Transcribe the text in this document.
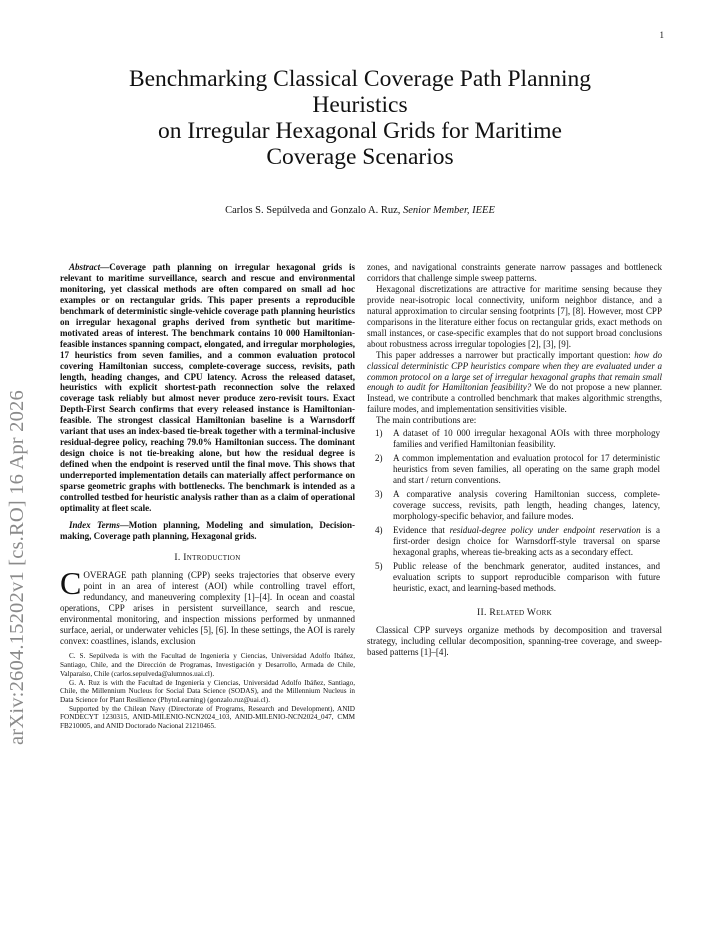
1
Benchmarking Classical Coverage Path Planning
Heuristics
on Irregular Hexagonal Grids for Maritime
Coverage Scenarios
Carlos S. Sepúlveda and Gonzalo A. Ruz, Senior Member, IEEE
arXiv:2604.15202v1 [cs.RO] 16 Apr 2026

Abstract—Coverage path planning on irregular hexagonal grids is relevant to maritime surveillance, search and rescue and environmental monitoring, yet classical methods are often compared on small ad hoc examples or on rectangular grids. This paper presents a reproducible benchmark of deterministic single-vehicle coverage path planning heuristics on irregular hexagonal graphs derived from synthetic but maritime-motivated areas of interest. The benchmark contains 10 000 Hamiltonian-feasible instances spanning compact, elongated, and irregular morphologies, 17 heuristics from seven families, and a common evaluation protocol covering Hamiltonian success, complete-coverage success, revisits, path length, heading changes, and CPU latency. Across the released dataset, heuristics with explicit shortest-path reconnection solve the relaxed coverage task reliably but almost never produce zero-revisit tours. Exact Depth-First Search confirms that every released instance is Hamiltonian-feasible. The strongest classical Hamiltonian baseline is a Warnsdorff variant that uses an index-based tie-break together with a terminal-inclusive residual-degree policy, reaching 79.0% Hamiltonian success. The dominant design choice is not tie-breaking alone, but how the residual degree is defined when the endpoint is reserved until the final move. This shows that underreported implementation details can materially affect performance on sparse geometric graphs with bottlenecks. The benchmark is intended as a controlled testbed for heuristic analysis rather than as a claim of operational optimality at fleet scale.

Index Terms—Motion planning, Modeling and simulation, Decision-making, Coverage path planning, Hexagonal grids.

I. Introduction

COVERAGE path planning (CPP) seeks trajectories that observe every point in an area of interest (AOI) while controlling travel effort, redundancy, and maneuvering complexity [1]–[4]. In ocean and coastal operations, CPP arises in persistent surveillance, search and rescue, environmental monitoring, and inspection missions performed by unmanned surface, aerial, or underwater vehicles [5], [6]. In these settings, the AOI is rarely convex: coastlines, islands, exclusion

C. S. Sepúlveda is with the Facultad de Ingeniería y Ciencias, Universidad Adolfo Ibáñez, Santiago, Chile, and the Dirección de Programas, Investigación y Desarrollo, Armada de Chile, Valparaíso, Chile (carlos.sepulveda@alumnos.uai.cl).

G. A. Ruz is with the Facultad de Ingeniería y Ciencias, Universidad Adolfo Ibáñez, Santiago, Chile, the Millennium Nucleus for Social Data Science (SODAS), and the Millennium Nucleus in Data Science for Plant Resilience (PhytoLearning) (gonzalo.ruz@uai.cl).

Supported by the Chilean Navy (Directorate of Programs, Research and Development), ANID FONDECYT 1230315, ANID-MILENIO-NCN2024_103, ANID-MILENIO-NCN2024_047, CMM FB210005, and ANID Doctorado Nacional 21210465.

zones, and navigational constraints generate narrow passages and bottleneck corridors that challenge simple sweep patterns.

Hexagonal discretizations are attractive for maritime sensing because they provide near-isotropic local connectivity, uniform neighbor distance, and a natural approximation to circular sensing footprints [7], [8]. However, most CPP comparisons in the literature either focus on rectangular grids, exact methods on small instances, or case-specific examples that do not support broad conclusions about robustness across irregular topologies [2], [3], [9].

This paper addresses a narrower but practically important question: how do classical deterministic CPP heuristics compare when they are evaluated under a common protocol on a large set of irregular hexagonal graphs that remain small enough to audit for Hamiltonian feasibility? We do not propose a new planner. Instead, we contribute a controlled benchmark that makes algorithmic strengths, failure modes, and implementation sensitivities visible.

The main contributions are:

1) A dataset of 10 000 irregular hexagonal AOIs with three morphology families and verified Hamiltonian feasibility.
2) A common implementation and evaluation protocol for 17 deterministic heuristics from seven families, all operating on the same graph model and start / return conventions.
3) A comparative analysis covering Hamiltonian success, complete-coverage success, revisits, path length, heading changes, latency, morphology-specific behavior, and failure modes.
4) Evidence that residual-degree policy under endpoint reservation is a first-order design choice for Warnsdorff-style traversal on sparse hexagonal graphs, whereas tie-breaking acts as a secondary effect.
5) Public release of the benchmark generator, audited instances, and evaluation scripts to support reproducible comparison with future heuristic, exact, and learning-based methods.
II. Related Work

Classical CPP surveys organize methods by decomposition and traversal strategy, including cellular decomposition, spanning-tree coverage, and sweep-based patterns [1]–[4].
